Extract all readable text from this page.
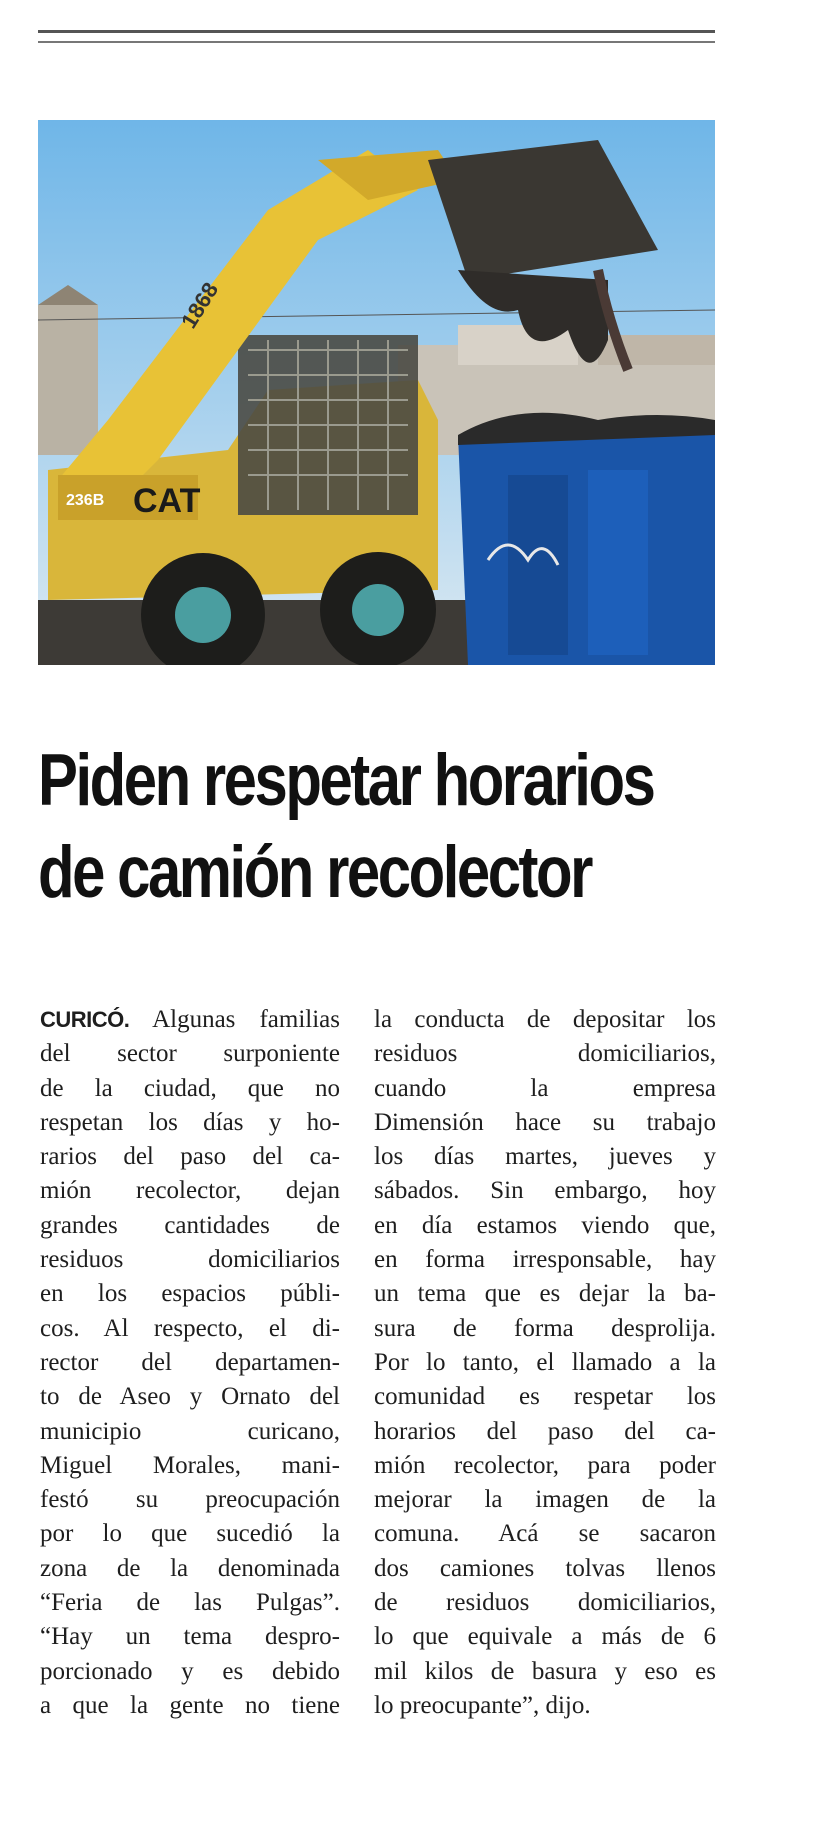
1868
CAT
236B
Piden respetar horarios
de camión recolector
CURICÓ. Algunas familias
del sector surponiente
de la ciudad, que no
respetan los días y ho-
rarios del paso del ca-
mión recolector, dejan
grandes cantidades de
residuos domiciliarios
en los espacios públi-
cos. Al respecto, el di-
rector del departamen-
to de Aseo y Ornato del
municipio curicano,
Miguel Morales, mani-
festó su preocupación
por lo que sucedió la
zona de la denominada
“Feria de las Pulgas”.
“Hay un tema despro-
porcionado y es debido
a que la gente no tiene
la conducta de depositar los
residuos domiciliarios,
cuando la empresa
Dimensión hace su trabajo
los días martes, jueves y
sábados. Sin embargo, hoy
en día estamos viendo que,
en forma irresponsable, hay
un tema que es dejar la ba-
sura de forma desprolija.
Por lo tanto, el llamado a la
comunidad es respetar los
horarios del paso del ca-
mión recolector, para poder
mejorar la imagen de la
comuna. Acá se sacaron
dos camiones tolvas llenos
de residuos domiciliarios,
lo que equivale a más de 6
mil kilos de basura y eso es
lo preocupante”, dijo.
